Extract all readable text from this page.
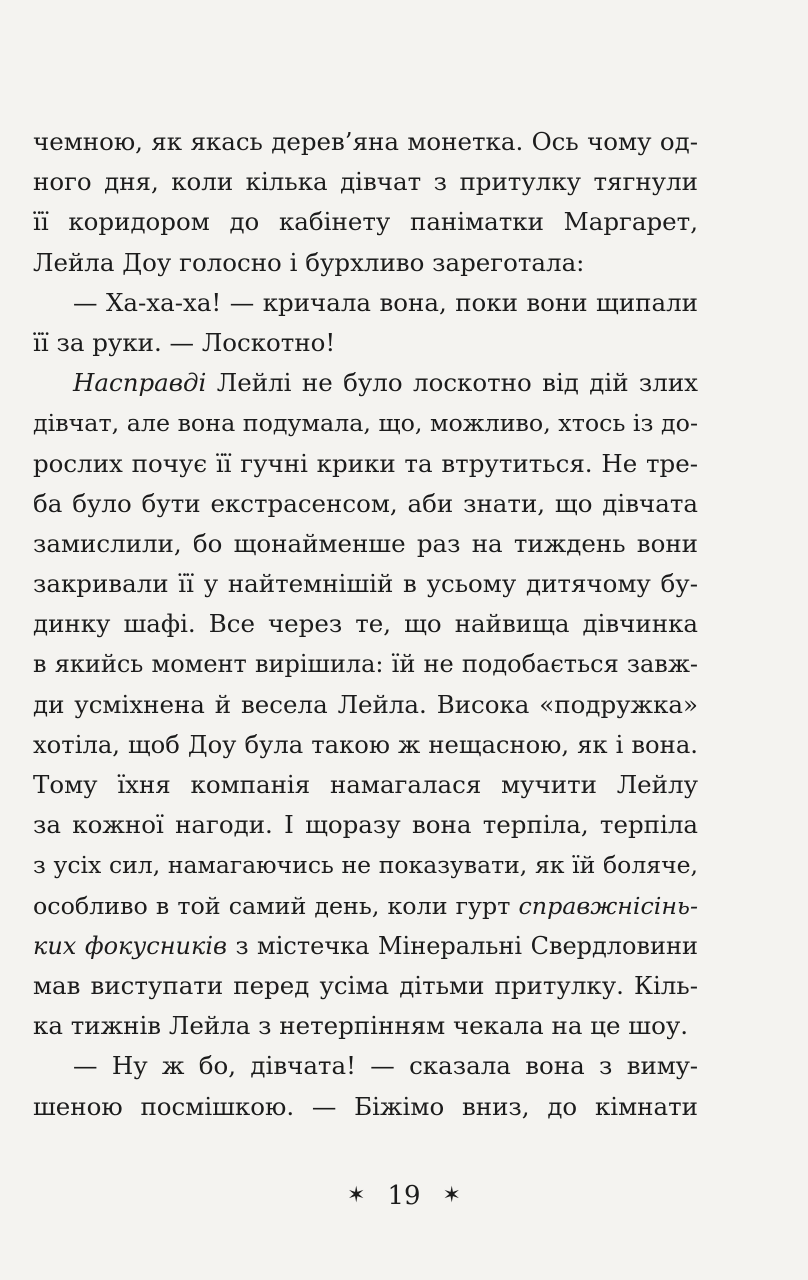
чемною, як якась дерев’яна монетка. Ось чому од-
ного дня, коли кілька дівчат з притулку тягнули
її коридором до кабінету паніматки Маргарет,
Лейла Доу голосно і бурхливо зареготала:
— Ха-ха-ха! — кричала вона, поки вони щипали
її за руки. — Лоскотно!
Насправді Лейлі не було лоскотно від дій злих
дівчат, але вона подумала, що, можливо, хтось із до-
рослих почує її гучні крики та втрутиться. Не тре-
ба було бути екстрасенсом, аби знати, що дівчата
замислили, бо щонайменше раз на тиждень вони
закривали її у найтемнішій в усьому дитячому бу-
динку шафі. Все через те, що найвища дівчинка
в якийсь момент вирішила: їй не подобається завж-
ди усміхнена й весела Лейла. Висока «подружка»
хотіла, щоб Доу була такою ж нещасною, як і вона.
Тому їхня компанія намагалася мучити Лейлу
за кожної нагоди. І щоразу вона терпіла, терпіла
з усіх сил, намагаючись не показувати, як їй боляче,
особливо в той самий день, коли гурт справжнісінь-
ких фокусників з містечка Мінеральні Свердловини
мав виступати перед усіма дітьми притулку. Кіль-
ка тижнів Лейла з нетерпінням чекала на це шоу.
— Ну ж бо, дівчата! — сказала вона з вимy-
шеною посмішкою. — Біжімо вниз, до кімнати
✶ 19 ✶
